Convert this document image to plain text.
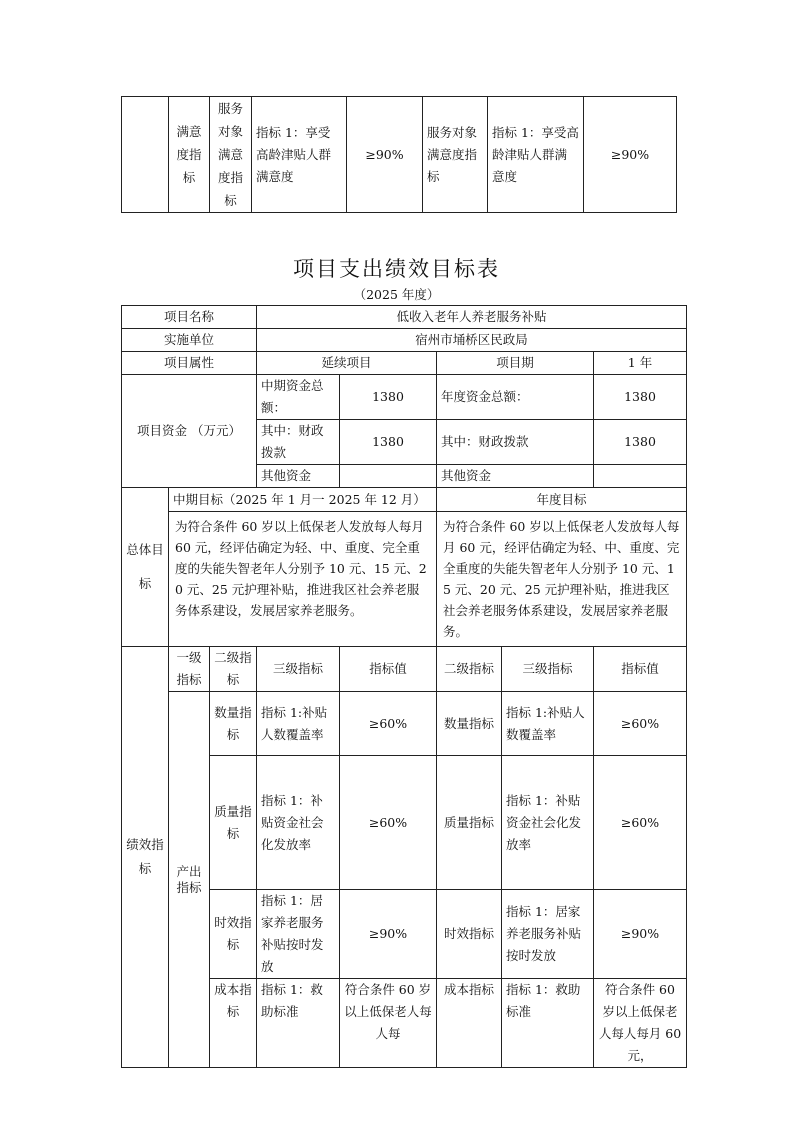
	满意度指标	服务对象满意度指标	指标 1：享受高龄津贴人群满意度	≥90%	服务对象满意度指标	指标 1：享受高龄津贴人群满意度	≥90%
项目支出绩效目标表
（2025 年度）
项目名称			低收入老年人养老服务补贴				
实施单位			宿州市埇桥区民政局				
项目属性			延续项目		项目期		1 年
项目资金 （万元）			中期资金总额：	1380	年度资金总额：		1380
			其中：财政拨款	1380	其中：财政拨款		1380
			其他资金		其他资金		
总体目标	中期目标（2025 年 1 月一 2025 年 12 月）				年度目标		
	为符合条件 60 岁以上低保老人发放每人每月 60 元，经评估确定为轻、中、重度、完全重度的失能失智老年人分别予 10 元、15 元、20 元、25 元护理补贴，推进我区社会养老服务体系建设，发展居家养老服务。				为符合条件 60 岁以上低保老人发放每人每月 60 元，经评估确定为轻、中、重度、完全重度的失能失智老年人分别予 10 元、15 元、20 元、25 元护理补贴，推进我区社会养老服务体系建设，发展居家养老服务。		
绩效指标	一级指标	二级指标	三级指标	指标值	二级指标	三级指标	指标值
	产出指标	数量指标	指标 1:补贴人数覆盖率	≥60%	数量指标	指标 1:补贴人数覆盖率	≥60%
		质量指标	指标 1：补贴资金社会化发放率	≥60%	质量指标	指标 1：补贴资金社会化发放率	≥60%
		时效指标	指标 1：居家养老服务补贴按时发放	≥90%	时效指标	指标 1：居家养老服务补贴按时发放	≥90%
		成本指标	指标 1：救助标准	符合条件 60 岁以上低保老人每人每	成本指标	指标 1：救助标准	符合条件 60 岁以上低保老人每人每月 60 元，
